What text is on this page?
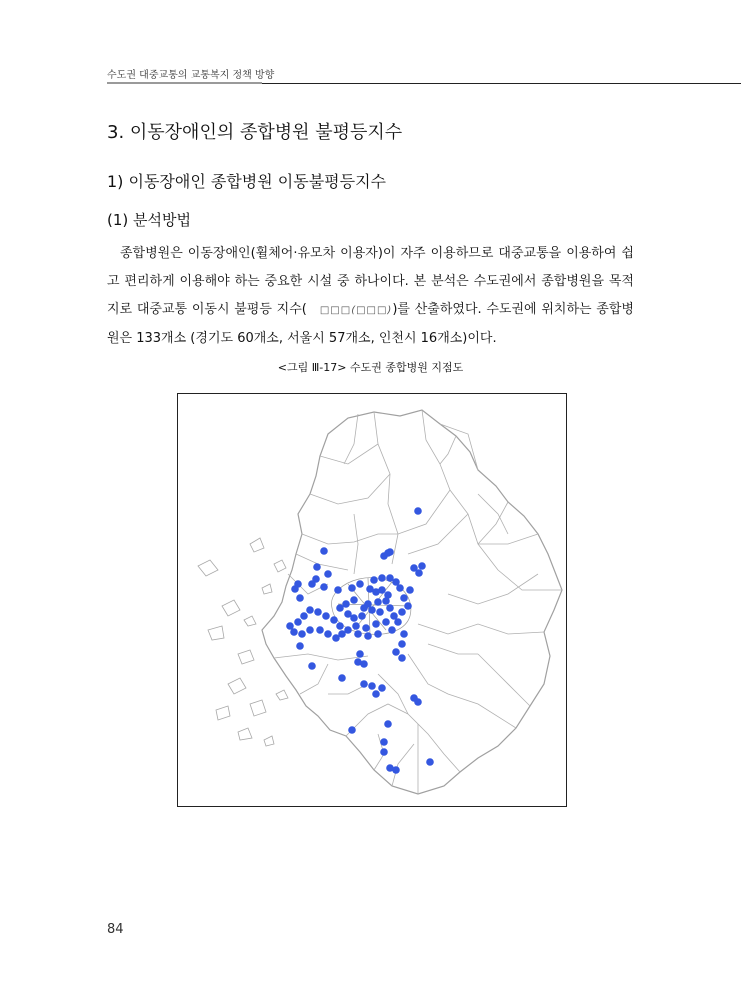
수도권 대중교통의 교통복지 정책 방향
3. 이동장애인의 종합병원 불평등지수
1) 이동장애인 종합병원 이동불평등지수
(1) 분석방법

종합병원은 이동장애인(휠체어·유모차 이용자)이 자주 이용하므로 대중교통을 이용하여 쉽고 편리하게 이용해야 하는 중요한 시설 중 하나이다. 본 분석은 수도권에서 종합병원을 목적지로 대중교통 이동시 불평등 지수( □□□(□□□))를 산출하였다. 수도권에 위치하는 종합병원은 133개소 (경기도 60개소, 서울시 57개소, 인천시 16개소)이다.

<그림 Ⅲ-17> 수도권 종합병원 지점도
84
